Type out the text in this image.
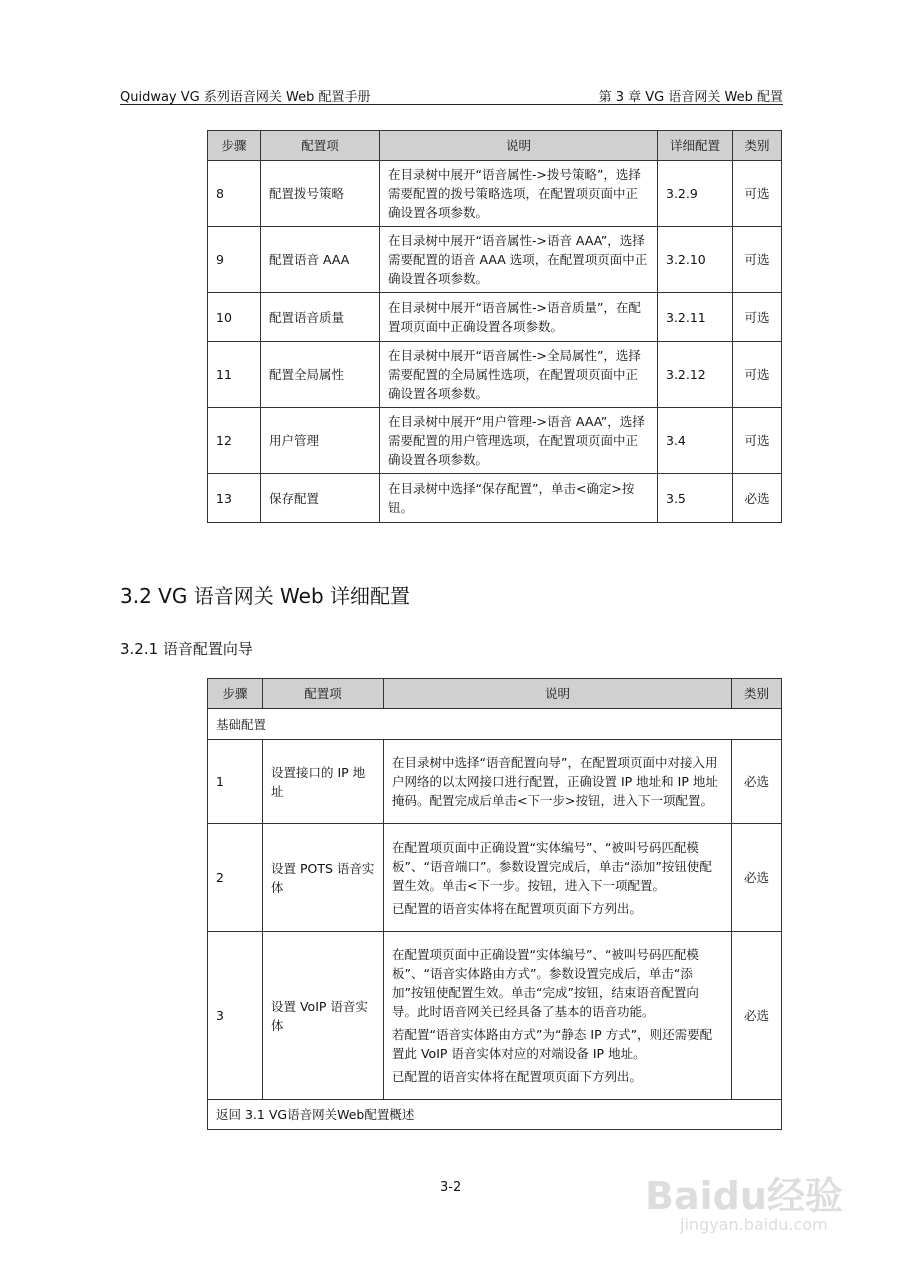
Quidway VG 系列语音网关 Web 配置手册	第 3 章 VG 语音网关 Web 配置
步骤	配置项	说明	详细配置	类别
8	配置拨号策略	在目录树中展开“语音属性->拨号策略”，选择需要配置的拨号策略选项，在配置项页面中正确设置各项参数。	3.2.9	可选
9	配置语音 AAA	在目录树中展开“语音属性->语音 AAA”，选择需要配置的语音 AAA 选项，在配置项页面中正确设置各项参数。	3.2.10	可选
10	配置语音质量	在目录树中展开“语音属性->语音质量”，在配置项页面中正确设置各项参数。	3.2.11	可选
11	配置全局属性	在目录树中展开“语音属性->全局属性”，选择需要配置的全局属性选项，在配置项页面中正确设置各项参数。	3.2.12	可选
12	用户管理	在目录树中展开“用户管理->语音 AAA”，选择需要配置的用户管理选项，在配置项页面中正确设置各项参数。	3.4	可选
13	保存配置	在目录树中选择“保存配置”，单击<确定>按钮。	3.5	必选
3.2 VG 语音网关 Web 详细配置
3.2.1 语音配置向导
步骤	配置项	说明	类别
基础配置			
1	设置接口的 IP 地址	在目录树中选择“语音配置向导”，在配置项页面中对接入用户网络的以太网接口进行配置，正确设置 IP 地址和 IP 地址掩码。配置完成后单击<下一步>按钮，进入下一项配置。	必选
2	设置 POTS 语音实体	在配置项页面中正确设置“实体编号”、“被叫号码匹配模板”、“语音端口”。参数设置完成后，单击“添加”按钮使配置生效。单击<下一步。按钮，进入下一项配置。

已配置的语音实体将在配置项页面下方列出。	必选
3	设置 VoIP 语音实体	在配置项页面中正确设置“实体编号”、“被叫号码匹配模板”、“语音实体路由方式”。参数设置完成后，单击“添加”按钮使配置生效。单击“完成”按钮，结束语音配置向导。此时语音网关已经具备了基本的语音功能。

若配置“语音实体路由方式”为“静态 IP 方式”，则还需要配置此 VoIP 语音实体对应的对端设备 IP 地址。

已配置的语音实体将在配置项页面下方列出。	必选
返回 3.1 VG语音网关Web配置概述			
3-2	Baidu经验
jingyan.baidu.com
